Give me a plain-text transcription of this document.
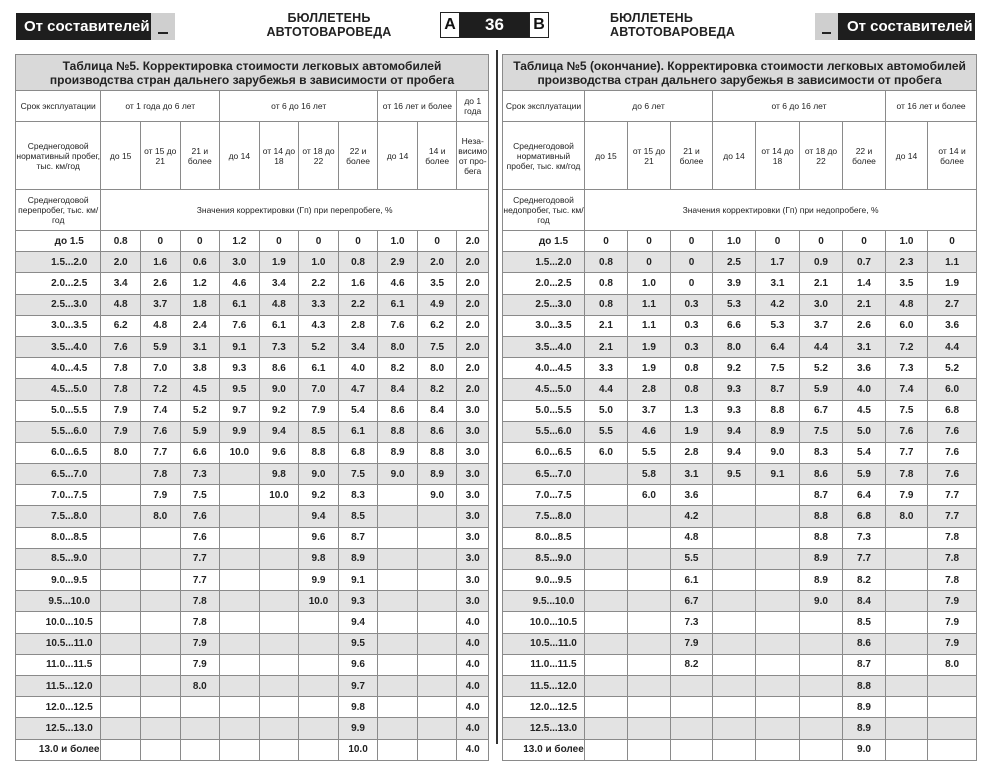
От составителей	БЮЛЛЕТЕНЬ
АВТОТОВАРОВЕДА	A	36	B	БЮЛЛЕТЕНЬ
АВТОТОВАРОВЕДА	От составителей
Таблица №5. Корректировка стоимости легковых автомобилей
производства стран дальнего зарубежья в зависимости от пробега										

Срок эксплуатации	от 1 года до 6 лет			от 6 до 16 лет				от 16 лет и более		до 1 года
Среднегодовой нормативный пробег, тыс. км/год	до 15	от 15 до 21	21 и более	до 14	от 14 до 18	от 18 до 22	22 и более	до 14	14 и более	Неза-висимо от про-бега
Среднегодовой перепробег, тыс. км/год	Значения корректировки (Гп) при перепробеге, %									
до 1.5	0.8	0	0	1.2	0	0	0	1.0	0	2.0
1.5...2.0	2.0	1.6	0.6	3.0	1.9	1.0	0.8	2.9	2.0	2.0
2.0...2.5	3.4	2.6	1.2	4.6	3.4	2.2	1.6	4.6	3.5	2.0
2.5...3.0	4.8	3.7	1.8	6.1	4.8	3.3	2.2	6.1	4.9	2.0
3.0...3.5	6.2	4.8	2.4	7.6	6.1	4.3	2.8	7.6	6.2	2.0
3.5...4.0	7.6	5.9	3.1	9.1	7.3	5.2	3.4	8.0	7.5	2.0
4.0...4.5	7.8	7.0	3.8	9.3	8.6	6.1	4.0	8.2	8.0	2.0
4.5...5.0	7.8	7.2	4.5	9.5	9.0	7.0	4.7	8.4	8.2	2.0
5.0...5.5	7.9	7.4	5.2	9.7	9.2	7.9	5.4	8.6	8.4	3.0
5.5...6.0	7.9	7.6	5.9	9.9	9.4	8.5	6.1	8.8	8.6	3.0
6.0...6.5	8.0	7.7	6.6	10.0	9.6	8.8	6.8	8.9	8.8	3.0
6.5...7.0		7.8	7.3		9.8	9.0	7.5	9.0	8.9	3.0
7.0...7.5		7.9	7.5		10.0	9.2	8.3		9.0	3.0
7.5...8.0		8.0	7.6			9.4	8.5			3.0
8.0...8.5			7.6			9.6	8.7			3.0
8.5...9.0			7.7			9.8	8.9			3.0
9.0...9.5			7.7			9.9	9.1			3.0
9.5...10.0			7.8			10.0	9.3			3.0
10.0...10.5			7.8				9.4			4.0
10.5...11.0			7.9				9.5			4.0
11.0...11.5			7.9				9.6			4.0
11.5...12.0			8.0				9.7			4.0
12.0...12.5							9.8			4.0
12.5...13.0							9.9			4.0
13.0 и более							10.0			4.0
Таблица №5 (окончание). Корректировка стоимости легковых автомобилей
производства стран дальнего зарубежья в зависимости от пробега									

Срок эксплуатации	до 6 лет			от 6 до 16 лет				от 16 лет и более	
Среднегодовой нормативный пробег, тыс. км/год	до 15	от 15 до 21	21 и более	до 14	от 14 до 18	от 18 до 22	22 и более	до 14	от 14 и более
Среднегодовой недопробег, тыс. км/год	Значения корректировки (Гп) при недопробеге, %								
до 1.5	0	0	0	1.0	0	0	0	1.0	0
1.5...2.0	0.8	0	0	2.5	1.7	0.9	0.7	2.3	1.1
2.0...2.5	0.8	1.0	0	3.9	3.1	2.1	1.4	3.5	1.9
2.5...3.0	0.8	1.1	0.3	5.3	4.2	3.0	2.1	4.8	2.7
3.0...3.5	2.1	1.1	0.3	6.6	5.3	3.7	2.6	6.0	3.6
3.5...4.0	2.1	1.9	0.3	8.0	6.4	4.4	3.1	7.2	4.4
4.0...4.5	3.3	1.9	0.8	9.2	7.5	5.2	3.6	7.3	5.2
4.5...5.0	4.4	2.8	0.8	9.3	8.7	5.9	4.0	7.4	6.0
5.0...5.5	5.0	3.7	1.3	9.3	8.8	6.7	4.5	7.5	6.8
5.5...6.0	5.5	4.6	1.9	9.4	8.9	7.5	5.0	7.6	7.6
6.0...6.5	6.0	5.5	2.8	9.4	9.0	8.3	5.4	7.7	7.6
6.5...7.0		5.8	3.1	9.5	9.1	8.6	5.9	7.8	7.6
7.0...7.5		6.0	3.6			8.7	6.4	7.9	7.7
7.5...8.0			4.2			8.8	6.8	8.0	7.7
8.0...8.5			4.8			8.8	7.3		7.8
8.5...9.0			5.5			8.9	7.7		7.8
9.0...9.5			6.1			8.9	8.2		7.8
9.5...10.0			6.7			9.0	8.4		7.9
10.0...10.5			7.3				8.5		7.9
10.5...11.0			7.9				8.6		7.9
11.0...11.5			8.2				8.7		8.0
11.5...12.0							8.8		
12.0...12.5							8.9		
12.5...13.0							8.9		
13.0 и более							9.0		
